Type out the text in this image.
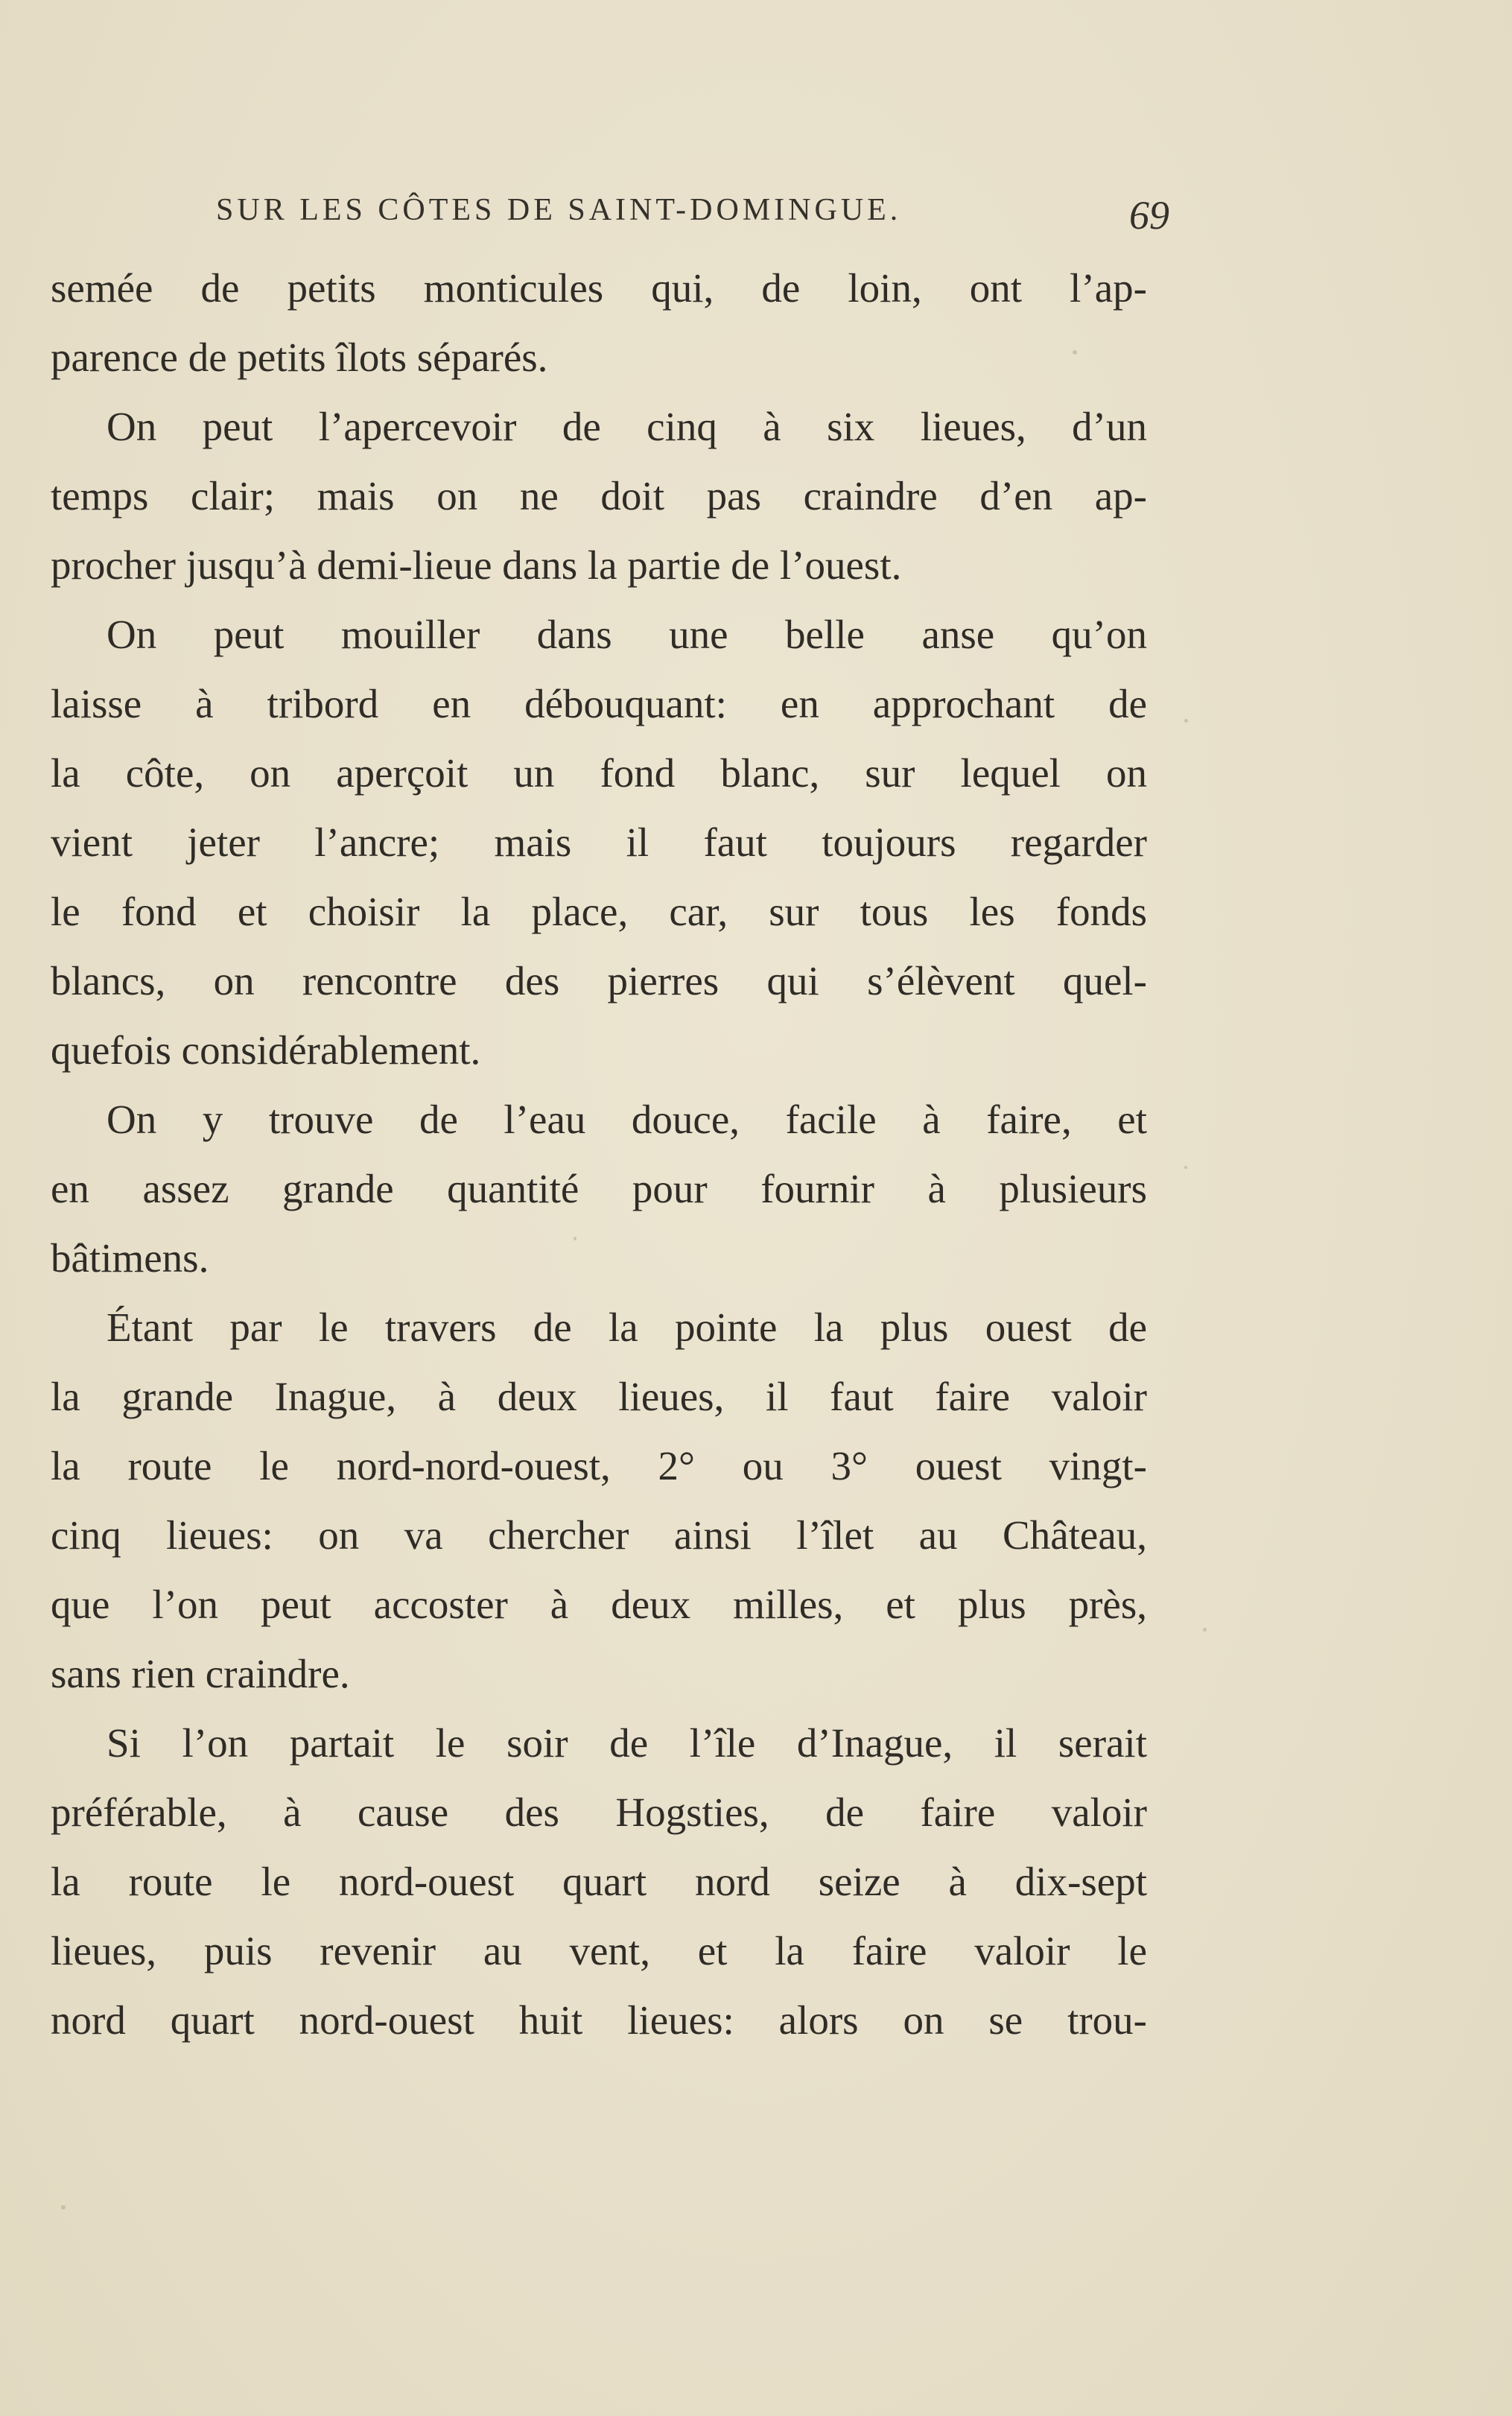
SUR LES CÔTES DE SAINT-DOMINGUE.	69
semée de petits monticules qui, de loin, ont l’ap-
parence de petits îlots séparés.
On peut l’apercevoir de cinq à six lieues, d’un
temps clair; mais on ne doit pas craindre d’en ap-
procher jusqu’à demi-lieue dans la partie de l’ouest.
On peut mouiller dans une belle anse qu’on
laisse à tribord en débouquant: en approchant de
la côte, on aperçoit un fond blanc, sur lequel on
vient jeter l’ancre; mais il faut toujours regarder
le fond et choisir la place, car, sur tous les fonds
blancs, on rencontre des pierres qui s’élèvent quel-
quefois considérablement.
On y trouve de l’eau douce, facile à faire, et
en assez grande quantité pour fournir à plusieurs
bâtimens.
Étant par le travers de la pointe la plus ouest de
la grande Inague, à deux lieues, il faut faire valoir
la route le nord-nord-ouest, 2° ou 3° ouest vingt-
cinq lieues: on va chercher ainsi l’îlet au Château,
que l’on peut accoster à deux milles, et plus près,
sans rien craindre.
Si l’on partait le soir de l’île d’Inague, il serait
préférable, à cause des Hogsties, de faire valoir
la route le nord-ouest quart nord seize à dix-sept
lieues, puis revenir au vent, et la faire valoir le
nord quart nord-ouest huit lieues: alors on se trou-
